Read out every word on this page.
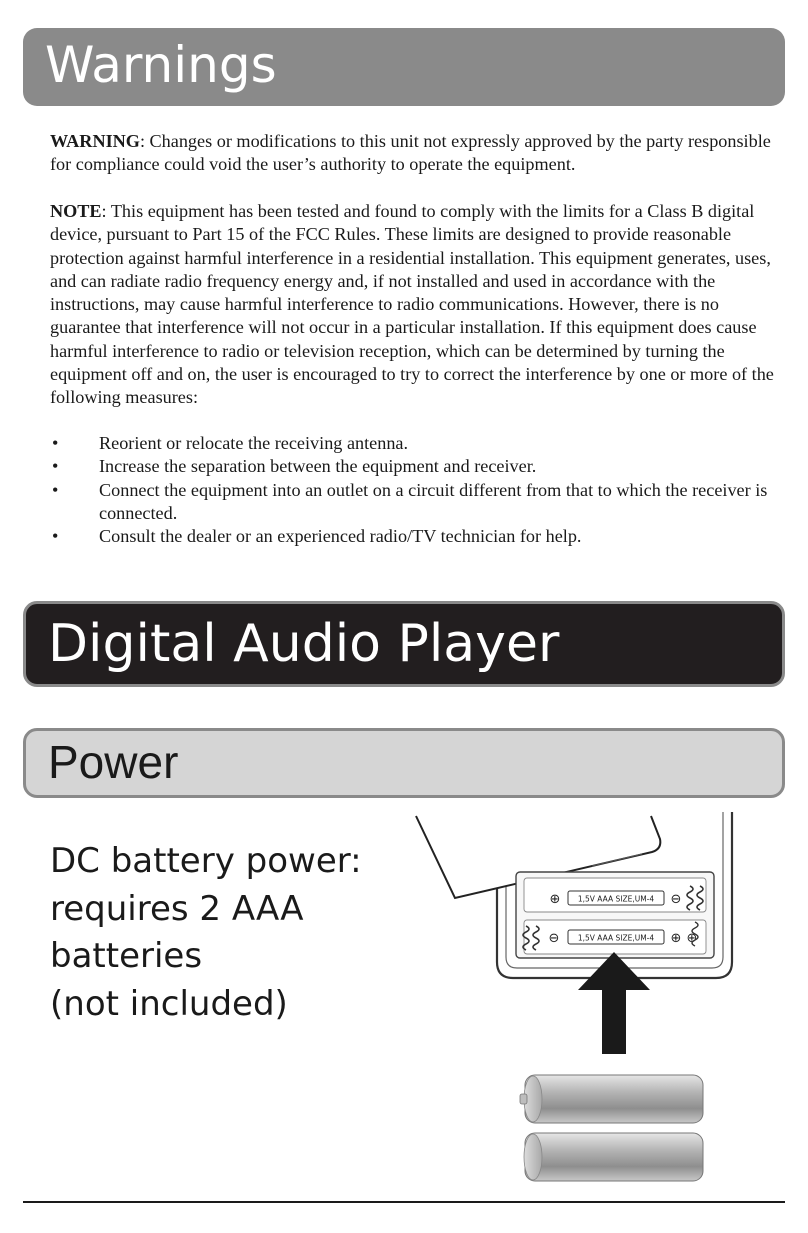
Warnings

WARNING: Changes or modifications to this unit not expressly approved by the party responsible for compliance could void the user’s authority to operate the equipment.

NOTE: This equipment has been tested and found to comply with the limits for a Class B digital device, pursuant to Part 15 of the FCC Rules. These limits are designed to provide reasonable protection against harmful interference in a residential installation. This equipment generates, uses, and can radiate radio frequency energy and, if not installed and used in accordance with the instructions, may cause harmful interference to radio communications. However, there is no guarantee that interference will not occur in a particular installation. If this equipment does cause harmful interference to radio or television reception, which can be determined by turning the equipment off and on, the user is encouraged to try to correct the interference by one or more of the following measures:

• Reorient or relocate the receiving antenna.
• Increase the separation between the equipment and receiver.
• Connect the equipment into an outlet on a circuit different from that to which the receiver is connected.
• Consult the dealer or an experienced radio/TV technician for help.
Digital Audio Player
Power
DC battery power:
requires 2 AAA
batteries
(not included)
1,5V AAA SIZE,UM-4
1,5V AAA SIZE,UM-4
⊕	⊖
⊖	⊕ ⊕
